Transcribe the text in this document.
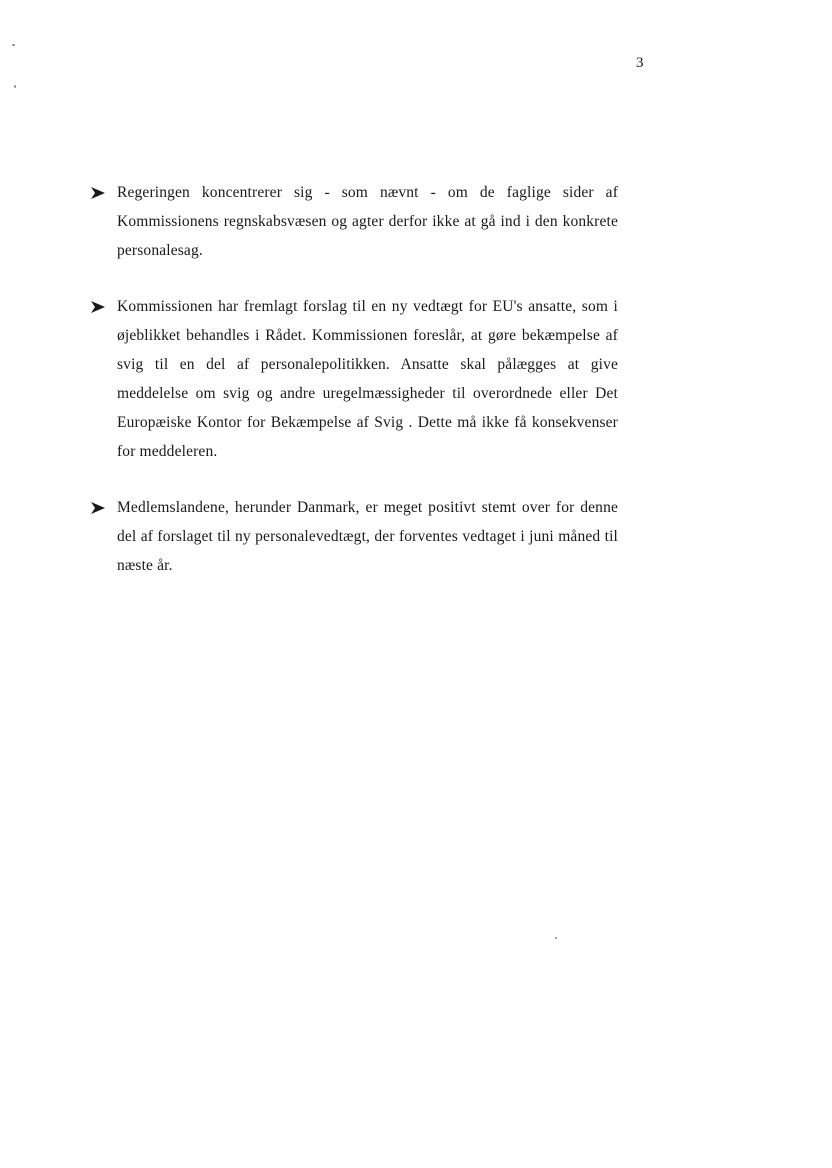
3
Regeringen koncentrerer sig - som nævnt - om de faglige sider af Kommissionens regnskabsvæsen og agter derfor ikke at gå ind i den konkrete personalesag.
Kommissionen har fremlagt forslag til en ny vedtægt for EU's ansatte, som i øjeblikket behandles i Rådet. Kommissionen foreslår, at gøre bekæmpelse af svig til en del af personalepolitikken. Ansatte skal pålægges at give meddelelse om svig og andre uregelmæssigheder til overordnede eller Det Europæiske Kontor for Bekæmpelse af Svig . Dette må ikke få konsekvenser for meddeleren.
Medlemslandene, herunder Danmark, er meget positivt stemt over for denne del af forslaget til ny personalevedtægt, der forventes vedtaget i juni måned til næste år.
